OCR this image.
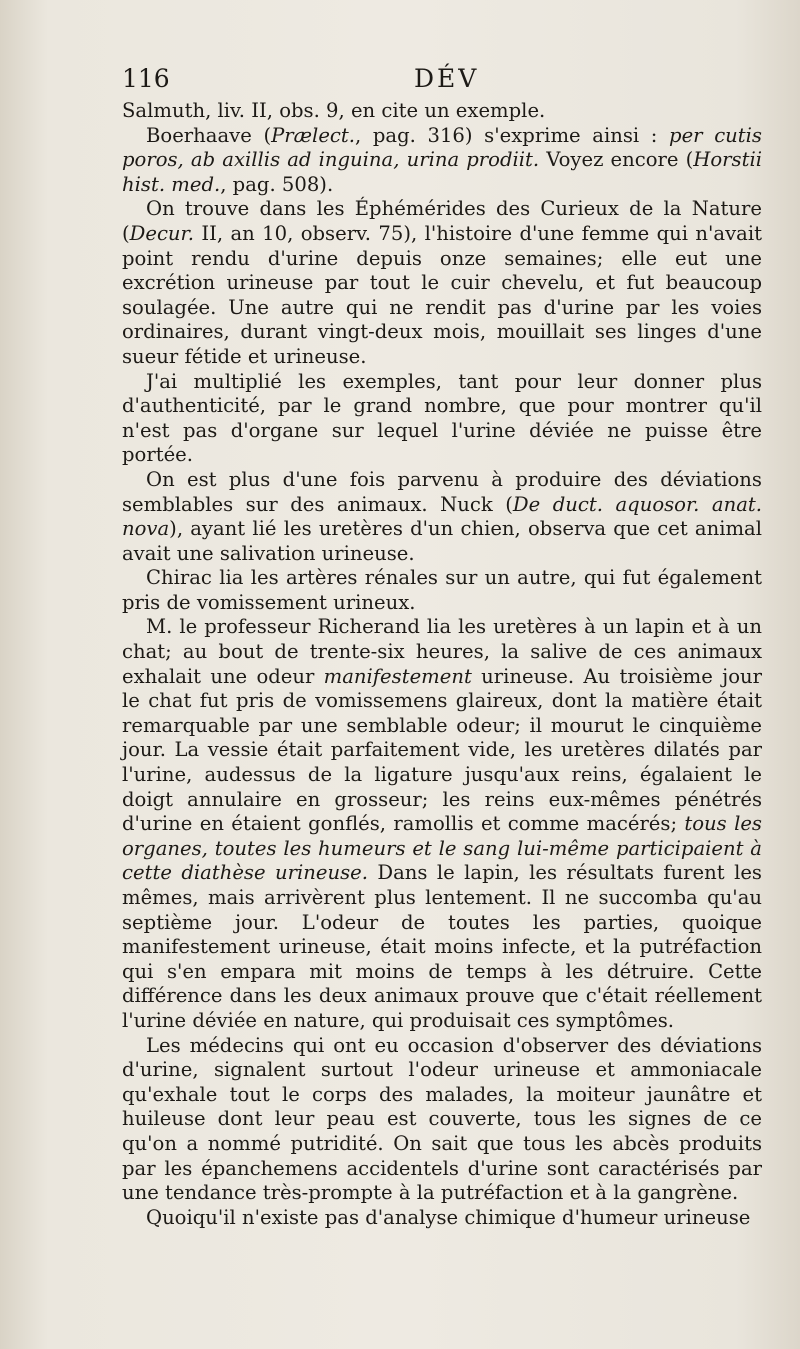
116	DÉV

Salmuth, liv. II, obs. 9, en cite un exemple.

Boerhaave (Prælect., pag. 316) s'exprime ainsi : per cutis poros, ab axillis ad inguina, urina prodiit. Voyez encore (Horstii hist. med., pag. 508).

On trouve dans les Éphémérides des Curieux de la Nature (Decur. II, an 10, observ. 75), l'histoire d'une femme qui n'avait point rendu d'urine depuis onze semaines; elle eut une excrétion urineuse par tout le cuir chevelu, et fut beaucoup soulagée. Une autre qui ne rendit pas d'urine par les voies ordinaires, durant vingt-deux mois, mouillait ses linges d'une sueur fétide et urineuse.

J'ai multiplié les exemples, tant pour leur donner plus d'authenticité, par le grand nombre, que pour montrer qu'il n'est pas d'organe sur lequel l'urine déviée ne puisse être portée.

On est plus d'une fois parvenu à produire des déviations semblables sur des animaux. Nuck (De duct. aquosor. anat. nova), ayant lié les uretères d'un chien, observa que cet animal avait une salivation urineuse.

Chirac lia les artères rénales sur un autre, qui fut également pris de vomissement urineux.

M. le professeur Richerand lia les uretères à un lapin et à un chat; au bout de trente-six heures, la salive de ces animaux exhalait une odeur manifestement urineuse. Au troisième jour le chat fut pris de vomissemens glaireux, dont la matière était remarquable par une semblable odeur; il mourut le cinquième jour. La vessie était parfaitement vide, les uretères dilatés par l'urine, audessus de la ligature jusqu'aux reins, égalaient le doigt annulaire en grosseur; les reins eux-mêmes pénétrés d'urine en étaient gonflés, ramollis et comme macérés; tous les organes, toutes les humeurs et le sang lui-même participaient à cette diathèse urineuse. Dans le lapin, les résultats furent les mêmes, mais arrivèrent plus lentement. Il ne succomba qu'au septième jour. L'odeur de toutes les parties, quoique manifestement urineuse, était moins infecte, et la putréfaction qui s'en empara mit moins de temps à les détruire. Cette différence dans les deux animaux prouve que c'était réellement l'urine déviée en nature, qui produisait ces symptômes.

Les médecins qui ont eu occasion d'observer des déviations d'urine, signalent surtout l'odeur urineuse et ammoniacale qu'exhale tout le corps des malades, la moiteur jaunâtre et huileuse dont leur peau est couverte, tous les signes de ce qu'on a nommé putridité. On sait que tous les abcès produits par les épanchemens accidentels d'urine sont caractérisés par une tendance très-prompte à la putréfaction et à la gangrène.

Quoiqu'il n'existe pas d'analyse chimique d'humeur urineuse
